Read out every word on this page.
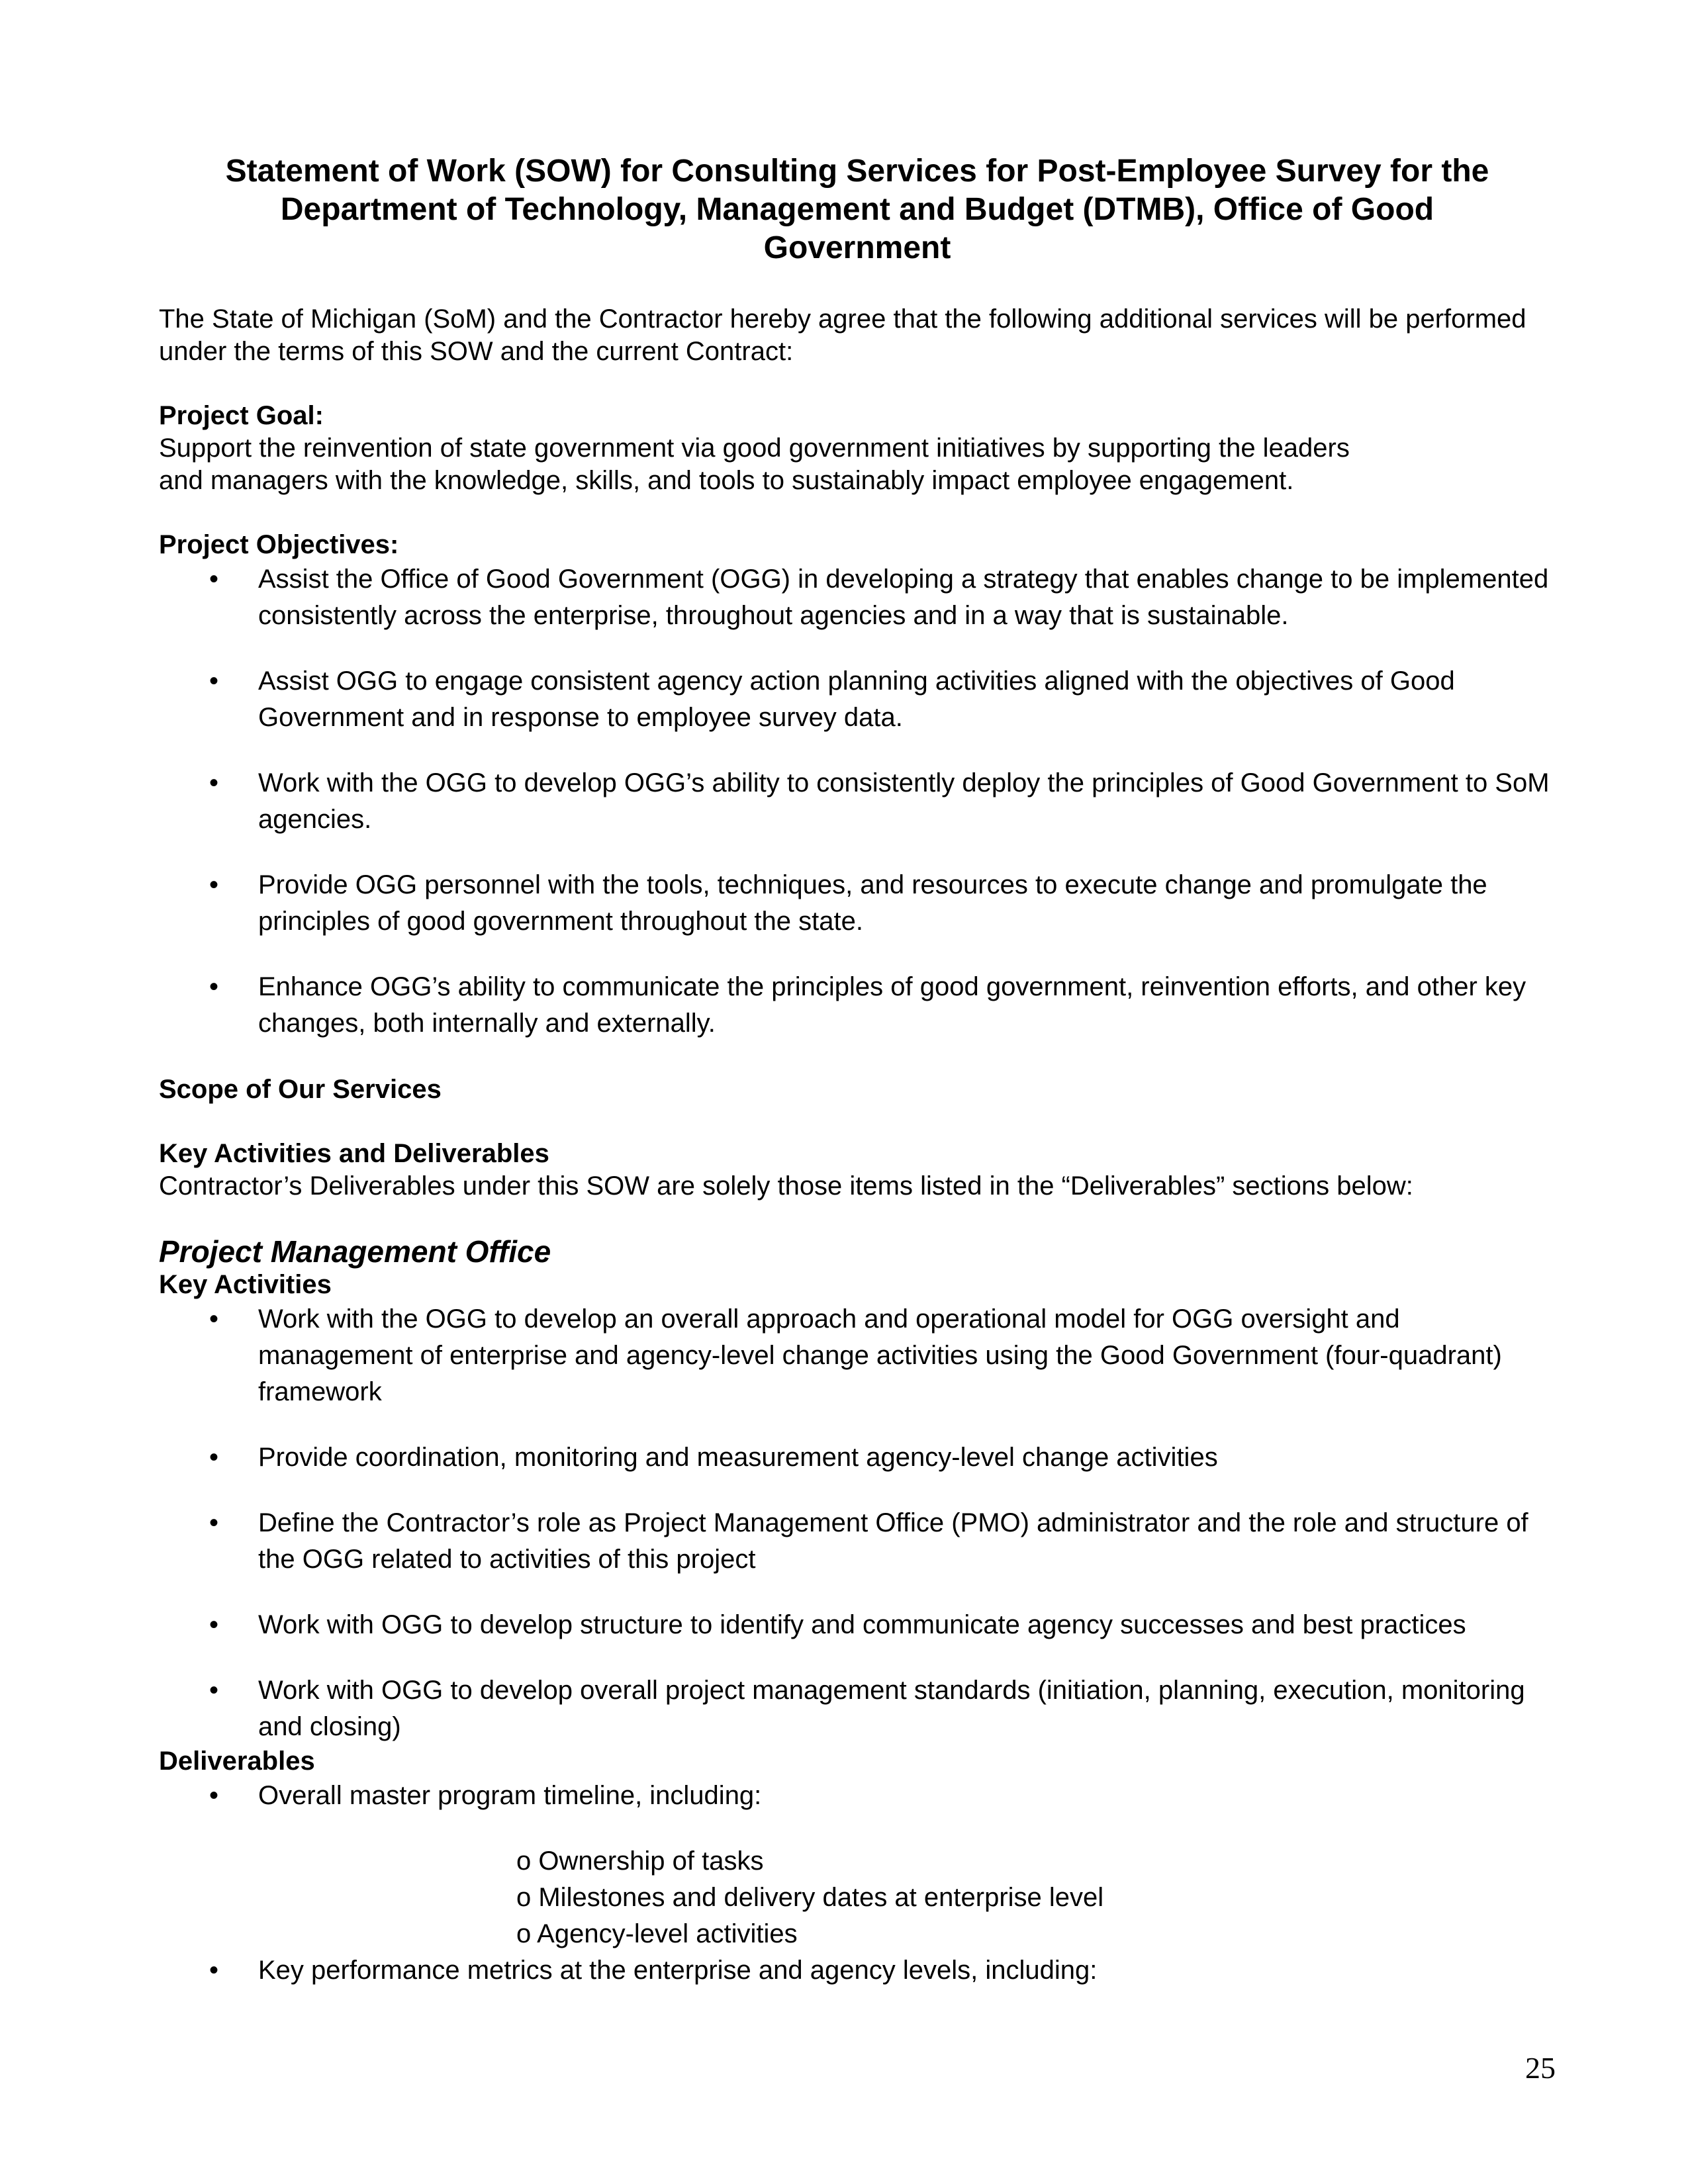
Statement of Work (SOW) for Consulting Services for Post-Employee Survey for the
Department of Technology, Management and Budget (DTMB), Office of Good
Government

The State of Michigan (SoM) and the Contractor hereby agree that the following additional services will be performed under the terms of this SOW and the current Contract:

Project Goal:

Support the reinvention of state government via good government initiatives by supporting the leaders

and managers with the knowledge, skills, and tools to sustainably impact employee engagement.

Project Objectives:
• Assist the Office of Good Government (OGG) in developing a strategy that enables change to be implemented consistently across the enterprise, throughout agencies and in a way that is sustainable.
• Assist OGG to engage consistent agency action planning activities aligned with the objectives of Good Government and in response to employee survey data.
• Work with the OGG to develop OGG’s ability to consistently deploy the principles of Good Government to SoM agencies.
• Provide OGG personnel with the tools, techniques, and resources to execute change and promulgate the principles of good government throughout the state.
• Enhance OGG’s ability to communicate the principles of good government, reinvention efforts, and other key changes, both internally and externally.
Scope of Our Services
Key Activities and Deliverables

Contractor’s Deliverables under this SOW are solely those items listed in the “Deliverables” sections below:

Project Management Office
Key Activities
• Work with the OGG to develop an overall approach and operational model for OGG oversight and management of enterprise and agency-level change activities using the Good Government (four-quadrant) framework
• Provide coordination, monitoring and measurement agency-level change activities
• Define the Contractor’s role as Project Management Office (PMO) administrator and the role and structure of the OGG related to activities of this project
• Work with OGG to develop structure to identify and communicate agency successes and best practices
• Work with OGG to develop overall project management standards (initiation, planning, execution, monitoring and closing)
Deliverables
• Overall master program timeline, including:
o Ownership of tasks
o Milestones and delivery dates at enterprise level
o Agency-level activities
• Key performance metrics at the enterprise and agency levels, including:
25
